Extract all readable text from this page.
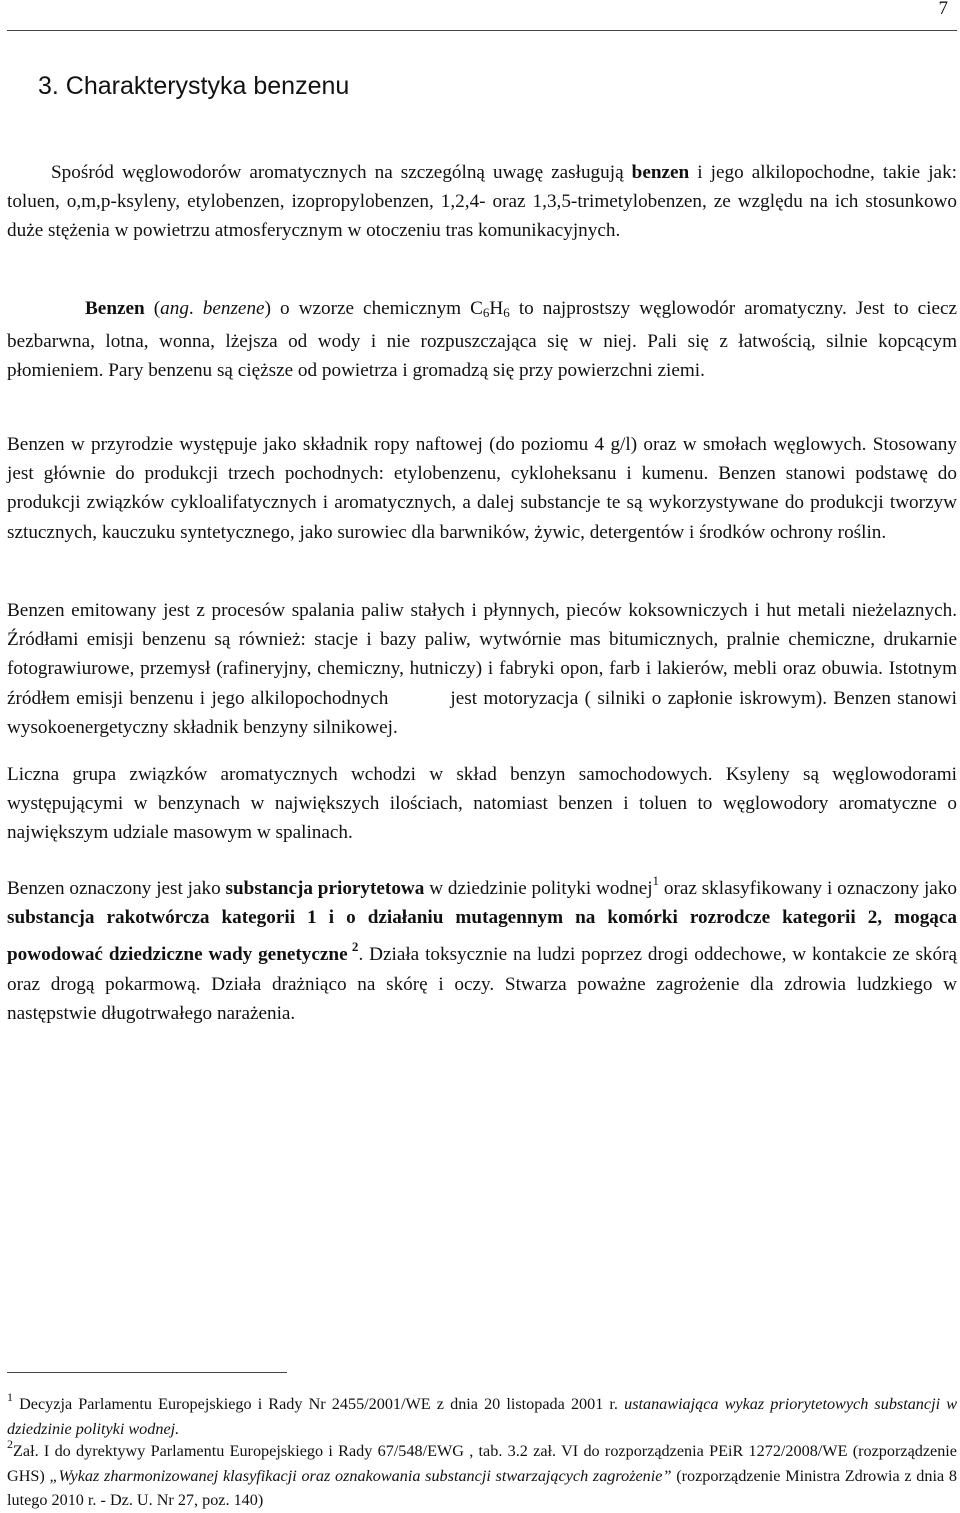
7
3. Charakterystyka benzenu
Spośród węglowodorów aromatycznych na szczególną uwagę zasługują benzen i jego alkilopochodne, takie jak: toluen, o,m,p-ksyleny, etylobenzen, izopropylobenzen, 1,2,4- oraz 1,3,5-trimetylobenzen, ze względu na ich stosunkowo duże stężenia w powietrzu atmosferycznym w otoczeniu tras komunikacyjnych.
Benzen (ang. benzene) o wzorze chemicznym $C_6H_6$ to najprostszy węglowodór aromatyczny. Jest to ciecz bezbarwna, lotna, wonna, lżejsza od wody i nie rozpuszczająca się w niej. Pali się z łatwością, silnie kopcącym płomieniem. Pary benzenu są cięższe od powietrza i gromadzą się przy powierzchni ziemi.
Benzen w przyrodzie występuje jako składnik ropy naftowej (do poziomu 4 g/l) oraz w smołach węglowych. Stosowany jest głównie do produkcji trzech pochodnych: etylobenzenu, cykloheksanu i kumenu. Benzen stanowi podstawę do produkcji związków cykloalifatycznych i aromatycznych, a dalej substancje te są wykorzystywane do produkcji tworzyw sztucznych, kauczuku syntetycznego, jako surowiec dla barwników, żywic, detergentów i środków ochrony roślin.
Benzen emitowany jest z procesów spalania paliw stałych i płynnych, pieców koksowniczych i hut metali nieżelaznych. Źródłami emisji benzenu są również: stacje i bazy paliw, wytwórnie mas bitumicznych, pralnie chemiczne, drukarnie fotograwiurowe, przemysł (rafineryjny, chemiczny, hutniczy) i fabryki opon, farb i lakierów, mebli oraz obuwia. Istotnym źródłem emisji benzenu i jego alkilopochodnych	jest motoryzacja ( silniki o zapłonie iskrowym). Benzen stanowi wysokoenergetyczny składnik benzyny silnikowej.
Liczna grupa związków aromatycznych wchodzi w skład benzyn samochodowych. Ksyleny są węglowodorami występującymi w benzynach w największych ilościach, natomiast benzen i toluen to węglowodory aromatyczne o największym udziale masowym w spalinach.
Benzen oznaczony jest jako substancja priorytetowa w dziedzinie polityki wodnej$^1$ oraz sklasyfikowany i oznaczony jako substancja rakotwórcza kategorii 1 i o działaniu mutagennym na komórki rozrodcze kategorii 2, mogąca powodować dziedziczne wady genetyczne $^2$. Działa toksycznie na ludzi poprzez drogi oddechowe, w kontakcie ze skórą oraz drogą pokarmową. Działa drażniąco na skórę i oczy. Stwarza poważne zagrożenie dla zdrowia ludzkiego w następstwie długotrwałego narażenia.
$^1$ Decyzja Parlamentu Europejskiego i Rady Nr 2455/2001/WE z dnia 20 listopada 2001 r. ustanawiająca wykaz priorytetowych substancji w dziedzinie polityki wodnej.
$^2$Zał. I do dyrektywy Parlamentu Europejskiego i Rady 67/548/EWG , tab. 3.2 zał. VI do rozporządzenia PEiR 1272/2008/WE (rozporządzenie GHS) „Wykaz zharmonizowanej klasyfikacji oraz oznakowania substancji stwarzających zagrożenie” (rozporządzenie Ministra Zdrowia z dnia 8 lutego 2010 r. - Dz. U. Nr 27, poz. 140)
